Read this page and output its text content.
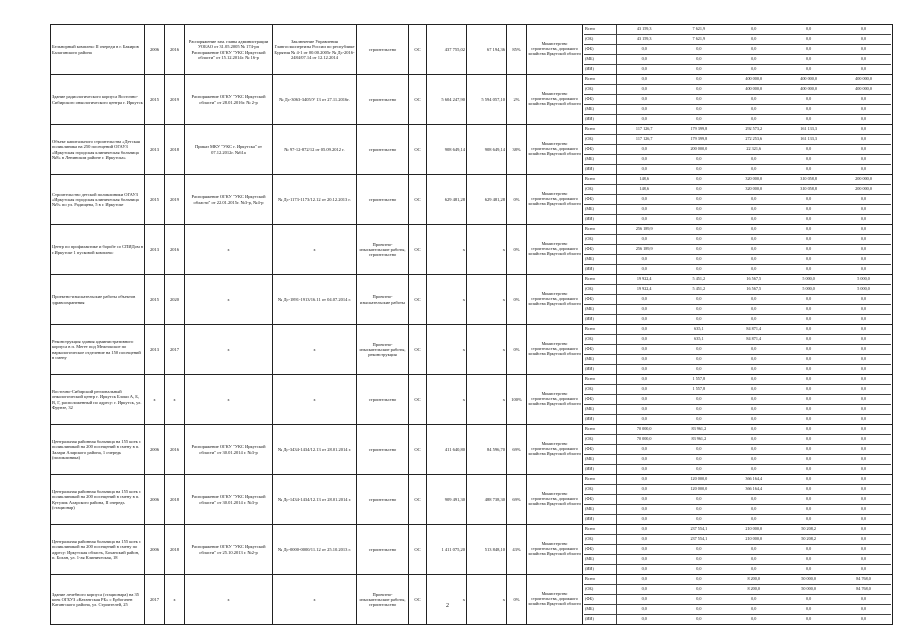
Бельнорный комплекс II очереди в г. Бакиров Балаганского района	2006	2016	Распоряжение зам. главы администрации УОБАО от 31.05.2005 № 174-рп Распоряжение ОГКУ "УКС Иркутской области" от 15.12.2014г. № 16-р	Заключение Управления Главгосэкспертизы России по республике Бурятия № 4-1 от 00.00.2005г № Дс-2016-2484/07.14 от 12.12.2014	строительство	ОС	437 755,02	67 194,36	85%	Министерство строительства, дорожного хозяйства Иркутской области	
Всего	43 159,3	7 621,9	0,0	0,0	0,0
(ОБ)	43 159,3	7 621,9	0,0	0,0	0,0
(ФБ)	0,0	0,0	0,0	0,0	0,0
(МБ)	0,0	0,0	0,0	0,0	0,0
(ИИ)	0,0	0,0	0,0	0,0	0,0

Здание радиологического корпуса Восточно-Сибирского онкологического центра г. Иркутск	2015	2019	Распоряжение ОГКУ "УКС Иркутской области" от 28.01.2016г. № 2-р	№ Дс-3063-3405/У 13 от 27.11.2016г.	строительство	ОС	5 604 247,90	5 594 057,10	2%	Министерство строительства, дорожного хозяйства Иркутской области	
Всего	0,0	0,0	400 000,0	400 000,0	400 000,0
(ОБ)	0,0	0,0	400 000,0	400 000,0	400 000,0
(ФБ)	0,0	0,0	0,0	0,0	0,0
(МБ)	0,0	0,0	0,0	0,0	0,0
(ИИ)	0,0	0,0	0,0	0,0	0,0

Объект капитального строительства «Детская поликлиника на 250 посещений ОГАУЗ «Иркутская городская клиническая больница №8» в Ленинском районе г. Иркутска»	2013	2018	Приказ МКУ "УКС г. Иркутска" от 07.12.2012г. №61а	№ 97-12-872/12 от 05.09.2012 г.	строительство	ОС	908 649,14	908 649,14	38%	Министерство строительства, дорожного хозяйства Иркутской области	
Всего	117 126,7	179 399,8	292 573,2	161 133,3	0,0
(ОБ)	117 126,7	179 399,8	272 253,6	161 133,3	0,0
(ФБ)	0,0	200 000,0	22 321,6	0,0	0,0
(МБ)	0,0	0,0	0,0	0,0	0,0
(ИИ)	0,0	0,0	0,0	0,0	0,0

Строительство детской поликлиники ОГАУЗ «Иркутская городская клиническая больница №9» по ул. Радищева, 5 в г. Иркутске	2015	2019	Распоряжение ОГКУ "УКС Иркутской области" от 22.01.2015г. №3-р, №4-р	№ Дс-1173-1173/12.12 от 20.12.2013 г.	строительство	ОС	629 481,28	629 481,28	0%	Министерство строительства, дорожного хозяйства Иркутской области	
Всего	148,6	0,0	320 000,0	310 058,8	200 000,0
(ОБ)	148,6	0,0	320 000,0	310 058,8	200 000,0
(ФБ)	0,0	0,0	0,0	0,0	0,0
(МБ)	0,0	0,0	0,0	0,0	0,0
(ИИ)	0,0	0,0	0,0	0,0	0,0

Центр по профилактике и борьбе со СПИДом в г.Иркутске 1 пусковой комплекс	2013	2016	х	х	Проектно-изыскательские работы, строительство	ОС	х	х	0%	Министерство строительства, дорожного хозяйства Иркутской области	
Всего	256 189,9	0,0	0,0	0,0	0,0
(ОБ)	0,0	0,0	0,0	0,0	0,0
(ФБ)	256 189,9	0,0	0,0	0,0	0,0
(МБ)	0,0	0,0	0,0	0,0	0,0
(ИИ)	0,0	0,0	0,0	0,0	0,0

Проектно-изыскательские работы объектов здравоохранения	2015	2020	х	№ Дс-1891-1913/16.11 от 04.07.2014 г.	Проектно-изыскательские работы	ОС	х	х	0%	Министерство строительства, дорожного хозяйства Иркутской области	
Всего	19 922,4	5 451,2	16 567,5	5 000,0	5 000,0
(ОБ)	19 922,4	5 451,2	16 567,5	5 000,0	5 000,0
(ФБ)	0,0	0,0	0,0	0,0	0,0
(МБ)	0,0	0,0	0,0	0,0	0,0
(ИИ)	0,0	0,0	0,0	0,0	0,0

Реконструкция здания административного корпуса в п. Мегет под Межтокское по наркологическое отделение на 150 посещений в смену	2013	2017	х	х	Проектно-изыскательские работы, реконструкция	ОС	х	х	0%	Министерство строительства, дорожного хозяйства Иркутской области	
Всего	0,0	635,1	84 871,4	0,0	0,0
(ОБ)	0,0	635,1	84 871,4	0,0	0,0
(ФБ)	0,0	0,0	0,0	0,0	0,0
(МБ)	0,0	0,0	0,0	0,0	0,0
(ИИ)	0,0	0,0	0,0	0,0	0,0

Восточно-Сибирский региональный онкологический центр г. Иркутск Блоки А, Б, В, Г, расположенный по адресу: г. Иркутск, ул. Фрунзе, 32	х	х	х	х	строительство	ОС	х	х	100%	Министерство строительства, дорожного хозяйства Иркутской области	
Всего	0,0	1 557,8	0,0	0,0	0,0
(ОБ)	0,0	1 557,8	0,0	0,0	0,0
(ФБ)	0,0	0,0	0,0	0,0	0,0
(МБ)	0,0	0,0	0,0	0,0	0,0
(ИИ)	0,0	0,0	0,0	0,0	0,0

Центральная районная больница на 155 коек с поликлиникой на 200 посещений в смену в п. Залари Аларского района, 1 очередь (поликлиника)	2006	2016	Распоряжение ОГКУ "УКС Иркутской области" от 30.01.2014 г. №3-р	№ Дс-3434-1434/12.13 от 28.01.2014 г.	строительство	ОС	411 640,80	84 596,70	69%	Министерство строительства, дорожного хозяйства Иркутской области	
Всего	70 000,0	83 961,2	0,0	0,0	0,0
(ОБ)	70 000,0	83 961,2	0,0	0,0	0,0
(ФБ)	0,0	0,0	0,0	0,0	0,0
(МБ)	0,0	0,0	0,0	0,0	0,0
(ИИ)	0,0	0,0	0,0	0,0	0,0

Центральная районная больница на 155 коек с поликлиникой на 200 посещений в смену в п. Кутулик Аларского района, II очередь (стационар)	2006	2018	Распоряжение ОГКУ "УКС Иркутской области" от 30.01.2014 г. №3-р	№ Дс-1434-1434/12.13 от 28.01.2014 г.	строительство	ОС	909 491,30	488 738,30	69%	Министерство строительства, дорожного хозяйства Иркутской области	
Всего	0,0	120 000,0	366 164,4	0,0	0,0
(ОБ)	0,0	120 000,0	366 164,4	0,0	0,0
(ФБ)	0,0	0,0	0,0	0,0	0,0
(МБ)	0,0	0,0	0,0	0,0	0,0
(ИИ)	0,0	0,0	0,0	0,0	0,0

Центральная районная больница на 155 коек с поликлиникой на 200 посещений в смену по адресу: Иркутская область, Боханский район, п. Бохан, ул. 1-ая Клиническая, 18	2006	2018	Распоряжение ОГКУ "УКС Иркутской области" от 25.10.2013 г. №2-р	№ Дс-0000-0000/11.12 от 25.10.2013 г.	строительство	ОС	1 411 075,20	513 848,10	43%	Министерство строительства, дорожного хозяйства Иркутской области	
Всего	0,0	237 554,1	210 000,0	50 208,2	0,0
(ОБ)	0,0	237 554,1	210 000,0	50 208,2	0,0
(ФБ)	0,0	0,0	0,0	0,0	0,0
(МБ)	0,0	0,0	0,0	0,0	0,0
(ИИ)	0,0	0,0	0,0	0,0	0,0

Здание лечебного корпуса (стационара) на 35 коек ОГБУЗ «Катангская РБ» с Ербогачен Катангского района, ул. Строителей, 25	2017	х	х	х	Проектно-изыскательские работы, строительство	ОС	х	х	0%	Министерство строительства, дорожного хозяйства Иркутской области	
Всего	0,0	0,0	8 200,0	50 000,0	84 768,0
(ОБ)	0,0	0,0	8 200,0	50 000,0	84 768,0
(ФБ)	0,0	0,0	0,0	0,0	0,0
(МБ)	0,0	0,0	0,0	0,0	0,0
(ИИ)	0,0	0,0	0,0	0,0	0,0
2
